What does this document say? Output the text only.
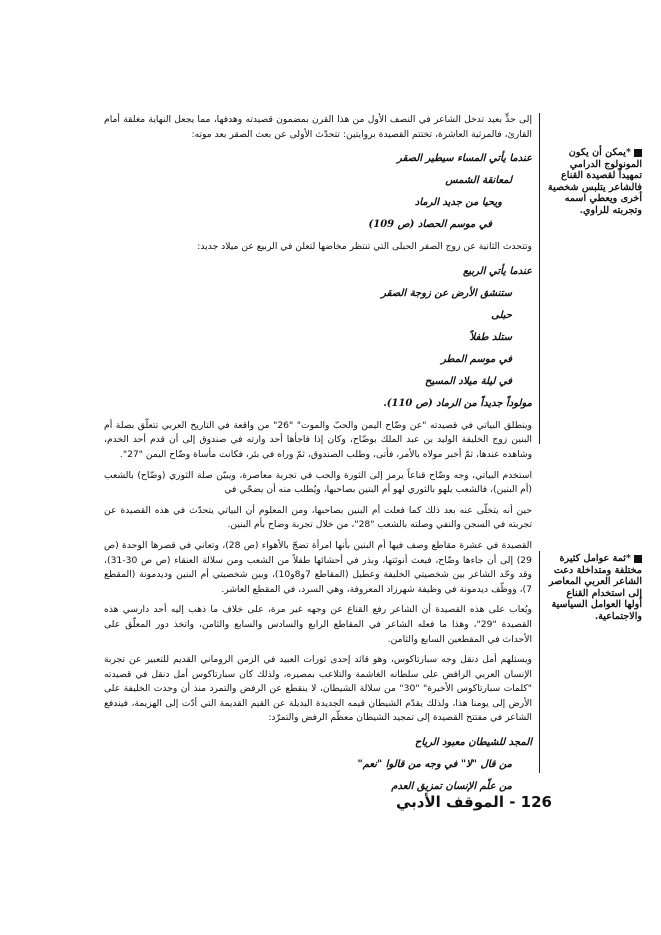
إلى حدٍّ بعيد تدخل الشاعر في النصف الأول من هذا القرن بمضمون قصيدته وهدفها، مما يجعل النهاية مغلقة أمام القارئ، فالمرثية العاشرة، تختتم القصيدة بروايتين: تتحدّث الأولى عن بعث الصقر بعد موته:

عندما يأتي المساء سيطير الصقر
لمعانقة الشمس
ويحيا من جديد الرماد
في موسم الحصاد (ص 109)

وتتحدث الثانية عن زوج الصقر الحبلى التي تنتظر مخاضها لتعلن في الربيع عن ميلاد جديد:

عندما يأتي الربيع
ستنشق الأرض عن زوجة الصقر
حبلى
ستلد طفلاً
في موسم المطر
في ليلة ميلاد المسيح
مولوداً جديداً من الرماد (ص 110).

وينطلق البياتي في قصيدته "عن وضّاح اليمن والحبّ والموت" "26" من واقعة في التاريخ العربي تتعلّق بصلة أم البنين زوج الخليفة الوليد بن عبد الملك بوضّاح، وكان إذا فاجأها أحد وارته في صندوق إلى أن قدم أحد الخدم، وشاهده عندها، ثمّ أخبر مولاه بالأمر، فأتى، وطلب الصندوق، ثمّ وراه في بئر، فكانت مأساة وضّاح اليمن "27".

استخدم البياتي، وجه وضّاح قناعاً يرمز إلى الثورة والحب في تجربة معاصرة، ويبيّن صلة الثوري (وضّاح) بالشعب (أم البنين)، فالشعب يلهو بالثوري لهو أم البنين بصاحبها، ويُطلب منه أن يضحّي في

حين أنه يتخلّى عنه بعد ذلك كما فعلت أم البنين بصاحبها، ومن المعلوم أن البياتي يتحدّث في هذه القصيدة عن تجربته في السجن والنفي وصلته بالشعب "28"، من خلال تجربة وضاح بأم البنين.

القصيدة في عشرة مقاطع وصف فيها أم البنين بأنها امرأة تضجّ بالأهواء (ص 28)، وتعاني في قصرها الوحدة (ص 29) إلى أن جاءها وضّاح، فبعث أنوثتها، وبذر في أحشائها طفلاً من الشعب ومن سلالة العنقاء (ص ص 30-31)، وقد وحّد الشاعر بين شخصيتي الخليفة وعطيل (المقاطع 7و8و10)، وبين شخصيتي أم البنين وديدمونة (المقطع 7)، ووظّف ديدمونة في وظيفة شهرزاد المعروفة، وهي السرد، في المقطع العاشر.

ويُعاب على هذه القصيدة أن الشاعر رفع القناع عن وجهه غير مرة، على خلاف ما ذهب إليه أحد دارسي هذه القصيدة "29"، وهذا ما فعله الشاعر في المقاطع الرابع والسادس والسابع والثامن، واتخذ دور المعلّق على الأحداث في المقطعين السابع والثامن.

ويستلهم أمل دنقل وجه سبارتاكوس، وهو قائد إحدى ثورات العبيد في الزمن الروماني القديم للتعبير عن تجربة الإنسان العربي الرافض على سلطانه الغاشمة والتلاعب بمصيره، ولذلك كان سبارتاكوس أمل دنقل في قصيدته "كلمات سبارتاكوس الأخيرة" "30" من سلالة الشيطان، لا ينقطع عن الرفض والتمرد منذ أن وجدت الخليفة على الأرض إلى يومنا هذا، ولذلك يقدّم الشيطان قيمه الجديدة البديلة عن القيم القديمة التي أدّت إلى الهزيمة، فيندفع الشاعر في مفتتح القصيدة إلى تمجيد الشيطان معظّم الرفض والتمرّد:

المجد للشيطان معبود الرياح
من قال "لا" في وجه من قالوا "نعم"
من علّم الإنسان تمزيق العدم
*يمكن أن يكون المونولوج الدرامي تمهيداً لقصيدة القناع فالشاعر يتلبس شخصية أخرى ويعطي اسمه وتجربته للراوي.
*ثمة عوامل كثيرة مختلفة ومتداخلة دعت الشاعر العربي المعاصر إلى استخدام القناع أولها العوامل السياسية والاجتماعية.
126 - الموقف الأدبي
